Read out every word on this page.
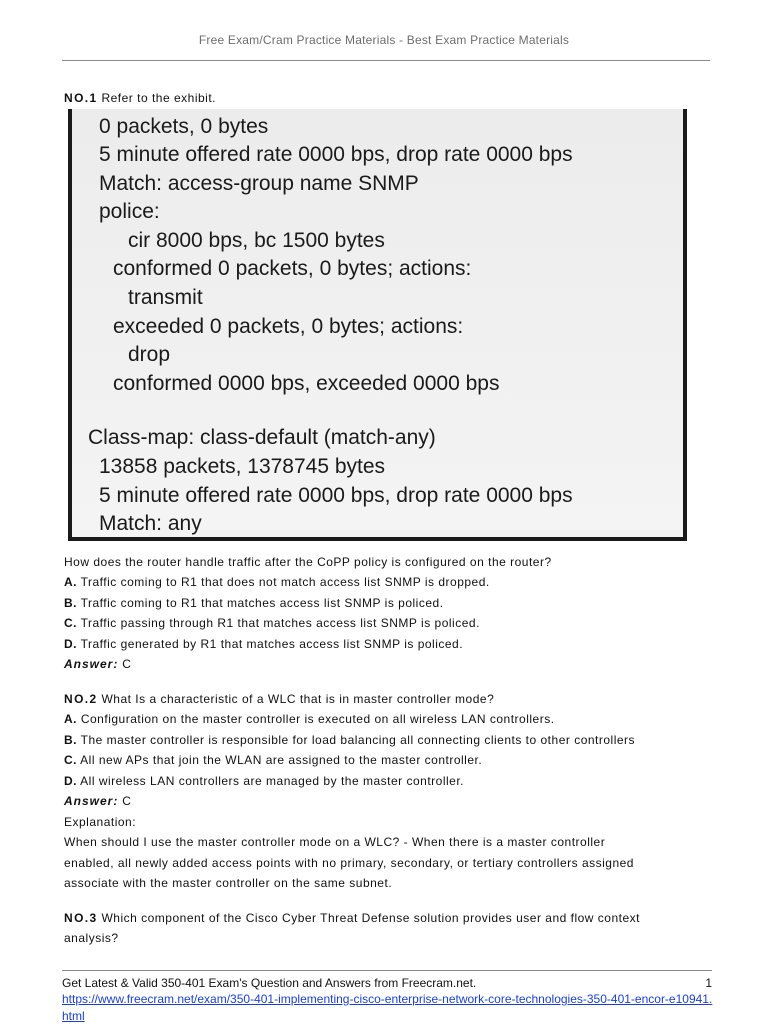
Free Exam/Cram Practice Materials - Best Exam Practice Materials
NO.1 Refer to the exhibit.
0 packets, 0 bytes
5 minute offered rate 0000 bps, drop rate 0000 bps
Match: access-group name SNMP
police:
cir 8000 bps, bc 1500 bytes
conformed 0 packets, 0 bytes; actions:
transmit
exceeded 0 packets, 0 bytes; actions:
drop
conformed 0000 bps, exceeded 0000 bps
Class-map: class-default (match-any)
13858 packets, 1378745 bytes
5 minute offered rate 0000 bps, drop rate 0000 bps
Match: any
How does the router handle traffic after the CoPP policy is configured on the router?
A. Traffic coming to R1 that does not match access list SNMP is dropped.
B. Traffic coming to R1 that matches access list SNMP is policed.
C. Traffic passing through R1 that matches access list SNMP is policed.
D. Traffic generated by R1 that matches access list SNMP is policed.
Answer: C
NO.2 What Is a characteristic of a WLC that is in master controller mode?
A. Configuration on the master controller is executed on all wireless LAN controllers.
B. The master controller is responsible for load balancing all connecting clients to other controllers
C. All new APs that join the WLAN are assigned to the master controller.
D. All wireless LAN controllers are managed by the master controller.
Answer: C
Explanation:
When should I use the master controller mode on a WLC? - When there is a master controller
enabled, all newly added access points with no primary, secondary, or tertiary controllers assigned
associate with the master controller on the same subnet.
NO.3 Which component of the Cisco Cyber Threat Defense solution provides user and flow context
analysis?
Get Latest & Valid 350-401 Exam's Question and Answers from Freecram.net.	1
https://www.freecram.net/exam/350-401-implementing-cisco-enterprise-network-core-technologies-350-401-encor-e10941.html
